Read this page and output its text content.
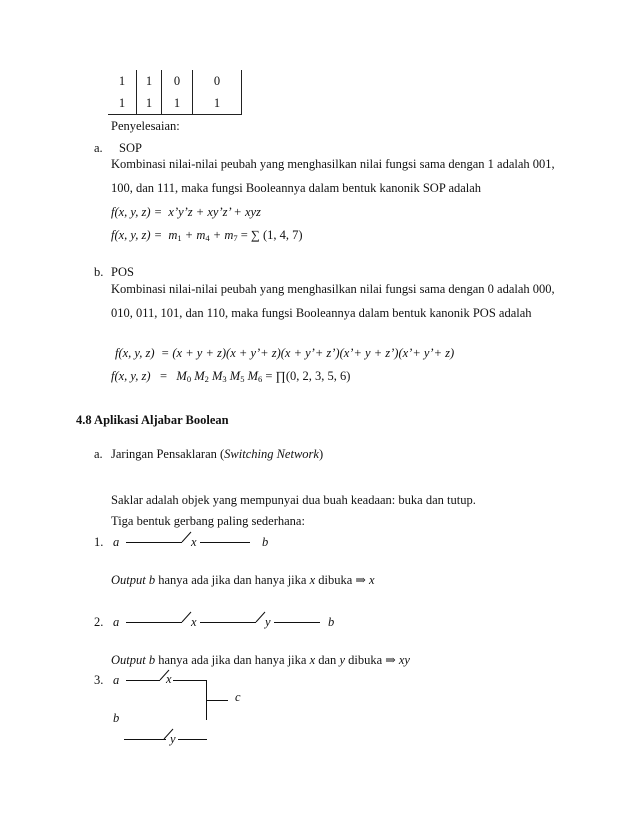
1	1	0	0
1	1	1	1
Penyelesaian:
a. SOP
Kombinasi nilai-nilai peubah yang menghasilkan nilai fungsi sama dengan 1 adalah 001,
100, dan 111, maka fungsi Booleannya dalam bentuk kanonik SOP adalah
f(x, y, z) = x’y’z + xy’z’ + xyz
f(x, y, $z) = m_1 + m_4 + m_7$ = ∑ (1, 4, 7)
b. POS
Kombinasi nilai-nilai peubah yang menghasilkan nilai fungsi sama dengan 0 adalah 000,
010, 011, 101, dan 110, maka fungsi Booleannya dalam bentuk kanonik POS adalah
f(x, y, z) = (x + y + z)(x + y’+ z)(x + y’+ z’)(x’+ y + z’)(x’+ y’+ z)
f(x, y, $z) = M_0$ $M_2$ $M_3$ $M_5$ $M_6$ = ∏(0, 2, 3, 5, 6)
4.8 Aplikasi Aljabar Boolean
a. Jaringan Pensaklaran (Switching Network)
Saklar adalah objek yang mempunyai dua buah keadaan: buka dan tutup.
Tiga bentuk gerbang paling sederhana:
1. a	x	b
Output b hanya ada jika dan hanya jika x dibuka ⇒ x
2. a	x	y	b
Output b hanya ada jika dan hanya jika x dan y dibuka ⇒ xy
3. a	x
c
b
y
